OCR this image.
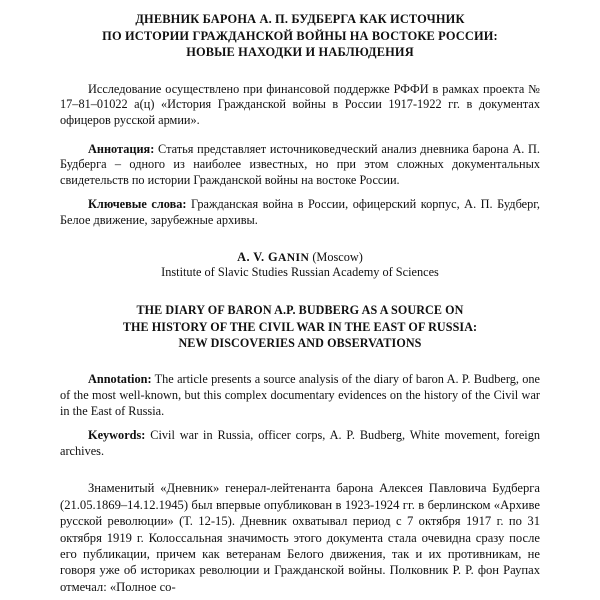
ДНЕВНИК БАРОНА А. П. БУДБЕРГА КАК ИСТОЧНИК
ПО ИСТОРИИ ГРАЖДАНСКОЙ ВОЙНЫ НА ВОСТОКЕ РОССИИ:
НОВЫЕ НАХОДКИ И НАБЛЮДЕНИЯ

Исследование осуществлено при финансовой поддержке РФФИ в рамках проекта № 17–81–01022 а(ц) «История Гражданской войны в России 1917-1922 гг. в документах офицеров русской армии».

Аннотация: Статья представляет источниковедческий анализ дневника барона А. П. Будберга – одного из наиболее известных, но при этом сложных документальных свидетельств по истории Гражданской войны на востоке России.

Ключевые слова: Гражданская война в России, офицерский корпус, А. П. Будберг, Белое движение, зарубежные архивы.

A. V. GANIN (Moscow)
Institute of Slavic Studies Russian Academy of Sciences
THE DIARY OF BARON A.P. BUDBERG AS A SOURCE ON
THE HISTORY OF THE CIVIL WAR IN THE EAST OF RUSSIA:
NEW DISCOVERIES AND OBSERVATIONS

Annotation: The article presents a source analysis of the diary of baron A. P. Budberg, one of the most well-known, but this complex documentary evidences on the history of the Civil war in the East of Russia.

Keywords: Civil war in Russia, officer corps, A. P. Budberg, White movement, foreign archives.

Знаменитый «Дневник» генерал-лейтенанта барона Алексея Павловича Будберга (21.05.1869–14.12.1945) был впервые опубликован в 1923-1924 гг. в берлинском «Архиве русской революции» (Т. 12-15). Дневник охватывал период с 7 октября 1917 г. по 31 октября 1919 г. Колоссальная значимость этого документа стала очевидна сразу после его публикации, причем как ветеранам Белого движения, так и их противникам, не говоря уже об историках революции и Гражданской войны. Полковник Р. Р. фон Раупах отмечал: «Полное со-
